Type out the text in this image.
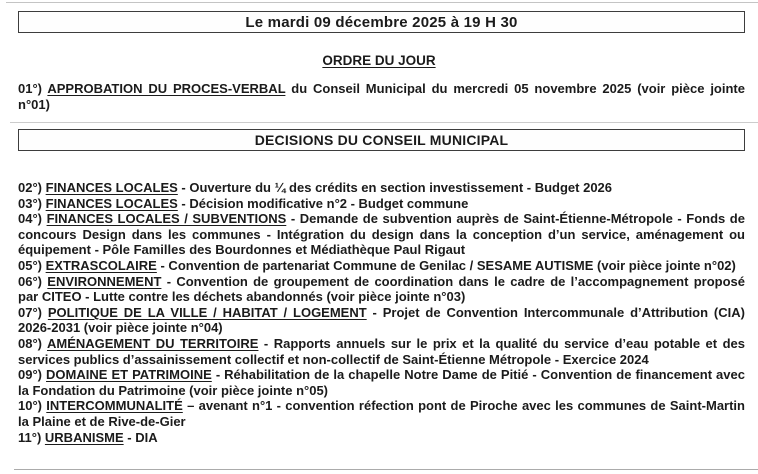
Le mardi 09 décembre 2025 à 19 H 30
ORDRE DU JOUR

01°) APPROBATION DU PROCES-VERBAL du Conseil Municipal du mercredi 05 novembre 2025 (voir pièce jointe n°01)

DECISIONS DU CONSEIL MUNICIPAL

02°) FINANCES LOCALES - Ouverture du ¼ des crédits en section investissement - Budget 2026

03°) FINANCES LOCALES - Décision modificative n°2 - Budget commune

04°) FINANCES LOCALES / SUBVENTIONS - Demande de subvention auprès de Saint-Étienne-Métropole - Fonds de concours Design dans les communes - Intégration du design dans la conception d’un service, aménagement ou équipement - Pôle Familles des Bourdonnes et Médiathèque Paul Rigaut

05°) EXTRASCOLAIRE - Convention de partenariat Commune de Genilac / SESAME AUTISME (voir pièce jointe n°02)

06°) ENVIRONNEMENT - Convention de groupement de coordination dans le cadre de l’accompagnement proposé par CITEO - Lutte contre les déchets abandonnés (voir pièce jointe n°03)

07°) POLITIQUE DE LA VILLE / HABITAT / LOGEMENT - Projet de Convention Intercommunale d’Attribution (CIA) 2026-2031 (voir pièce jointe n°04)

08°) AMÉNAGEMENT DU TERRITOIRE - Rapports annuels sur le prix et la qualité du service d’eau potable et des services publics d’assainissement collectif et non-collectif de Saint-Étienne Métropole - Exercice 2024

09°) DOMAINE ET PATRIMOINE - Réhabilitation de la chapelle Notre Dame de Pitié - Convention de financement avec la Fondation du Patrimoine (voir pièce jointe n°05)

10°) INTERCOMMUNALITÉ – avenant n°1 - convention réfection pont de Piroche avec les communes de Saint-Martin la Plaine et de Rive-de-Gier

11°) URBANISME - DIA
